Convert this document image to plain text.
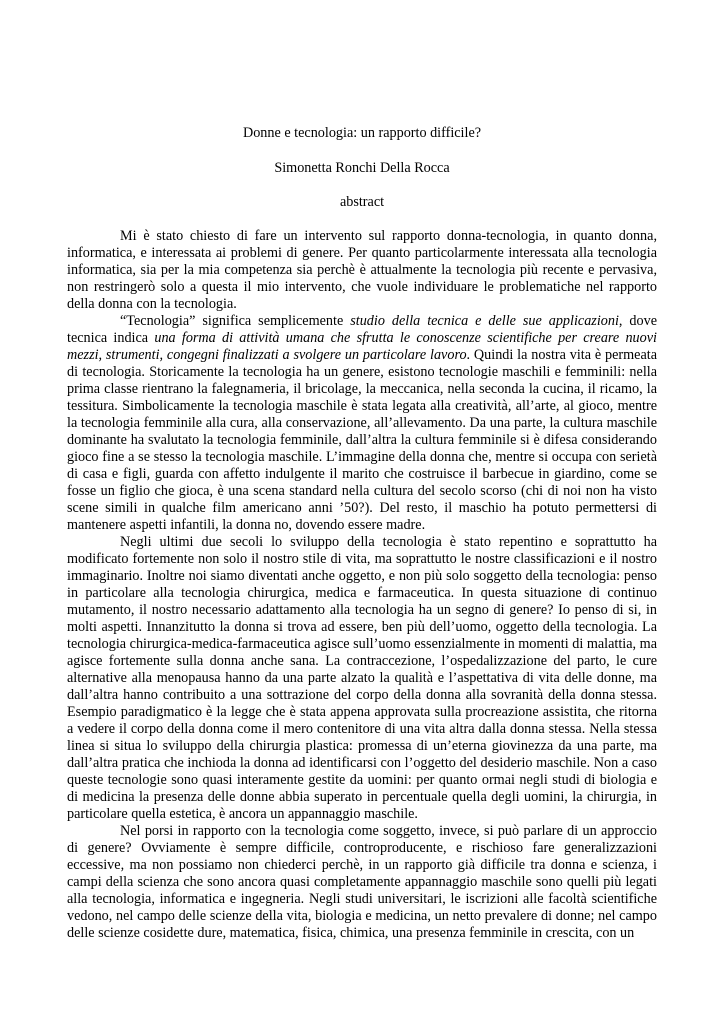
Donne e tecnologia: un rapporto difficile?
Simonetta Ronchi Della Rocca
abstract

Mi è stato chiesto di fare un intervento sul rapporto donna-tecnologia, in quanto donna, informatica, e interessata ai problemi di genere. Per quanto particolarmente interessata alla tecnologia informatica, sia per la mia competenza sia perchè è attualmente la tecnologia più recente e pervasiva, non restringerò solo a questa il mio intervento, che vuole individuare le problematiche nel rapporto della donna con la tecnologia.

“Tecnologia” significa semplicemente studio della tecnica e delle sue applicazioni, dove tecnica indica una forma di attività umana che sfrutta le conoscenze scientifiche per creare nuovi mezzi, strumenti, congegni finalizzati a svolgere un particolare lavoro. Quindi la nostra vita è permeata di tecnologia. Storicamente la tecnologia ha un genere, esistono tecnologie maschili e femminili: nella prima classe rientrano la falegnameria, il bricolage, la meccanica, nella seconda la cucina, il ricamo, la tessitura. Simbolicamente la tecnologia maschile è stata legata alla creatività, all’arte, al gioco, mentre la tecnologia femminile alla cura, alla conservazione, all’allevamento. Da una parte, la cultura maschile dominante ha svalutato la tecnologia femminile, dall’altra la cultura femminile si è difesa considerando gioco fine a se stesso la tecnologia maschile. L’immagine della donna che, mentre si occupa con serietà di casa e figli, guarda con affetto indulgente il marito che costruisce il barbecue in giardino, come se fosse un figlio che gioca, è una scena standard nella cultura del secolo scorso (chi di noi non ha visto scene simili in qualche film americano anni ’50?). Del resto, il maschio ha potuto permettersi di mantenere aspetti infantili, la donna no, dovendo essere madre.

Negli ultimi due secoli lo sviluppo della tecnologia è stato repentino e soprattutto ha modificato fortemente non solo il nostro stile di vita, ma soprattutto le nostre classificazioni e il nostro immaginario. Inoltre noi siamo diventati anche oggetto, e non più solo soggetto della tecnologia: penso in particolare alla tecnologia chirurgica, medica e farmaceutica. In questa situazione di continuo mutamento, il nostro necessario adattamento alla tecnologia ha un segno di genere? Io penso di si, in molti aspetti. Innanzitutto la donna si trova ad essere, ben più dell’uomo, oggetto della tecnologia. La tecnologia chirurgica-medica-farmaceutica agisce sull’uomo essenzialmente in momenti di malattia, ma agisce fortemente sulla donna anche sana. La contraccezione, l’ospedalizzazione del parto, le cure alternative alla menopausa hanno da una parte alzato la qualità e l’aspettativa di vita delle donne, ma dall’altra hanno contribuito a una sottrazione del corpo della donna alla sovranità della donna stessa. Esempio paradigmatico è la legge che è stata appena approvata sulla procreazione assistita, che ritorna a vedere il corpo della donna come il mero contenitore di una vita altra dalla donna stessa. Nella stessa linea si situa lo sviluppo della chirurgia plastica: promessa di un’eterna giovinezza da una parte, ma dall’altra pratica che inchioda la donna ad identificarsi con l’oggetto del desiderio maschile. Non a caso queste tecnologie sono quasi interamente gestite da uomini: per quanto ormai negli studi di biologia e di medicina la presenza delle donne abbia superato in percentuale quella degli uomini, la chirurgia, in particolare quella estetica, è ancora un appannaggio maschile.

Nel porsi in rapporto con la tecnologia come soggetto, invece, si può parlare di un approccio di genere? Ovviamente è sempre difficile, controproducente, e rischioso fare generalizzazioni eccessive, ma non possiamo non chiederci perchè, in un rapporto già difficile tra donna e scienza, i campi della scienza che sono ancora quasi completamente appannaggio maschile sono quelli più legati alla tecnologia, informatica e ingegneria. Negli studi universitari, le iscrizioni alle facoltà scientifiche vedono, nel campo delle scienze della vita, biologia e medicina, un netto prevalere di donne; nel campo delle scienze cosidette dure, matematica, fisica, chimica, una presenza femminile in crescita, con un
